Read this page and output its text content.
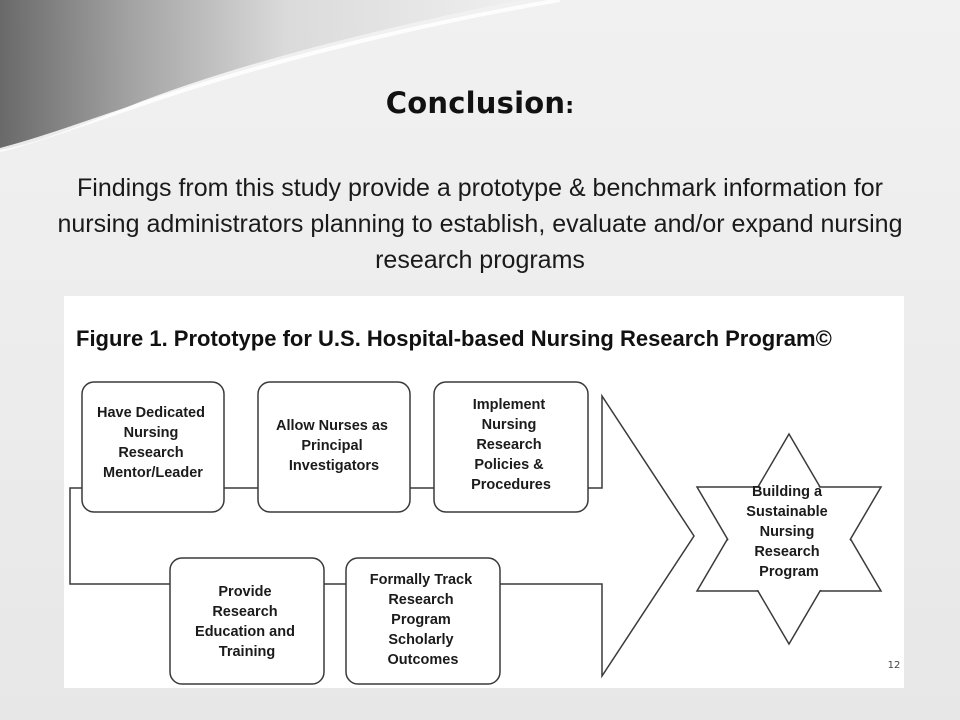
Conclusion:
Findings from this study provide a prototype & benchmark information for nursing administrators planning to establish, evaluate and/or expand nursing research programs
Figure 1. Prototype for U.S. Hospital-based Nursing Research Program©
Have Dedicated Nursing Research Mentor/Leader
Allow Nurses as Principal Investigators
Implement Nursing Research Policies & Procedures
Provide Research Education and Training
Formally Track Research Program Scholarly Outcomes
Building a Sustainable Nursing Research Program
12
